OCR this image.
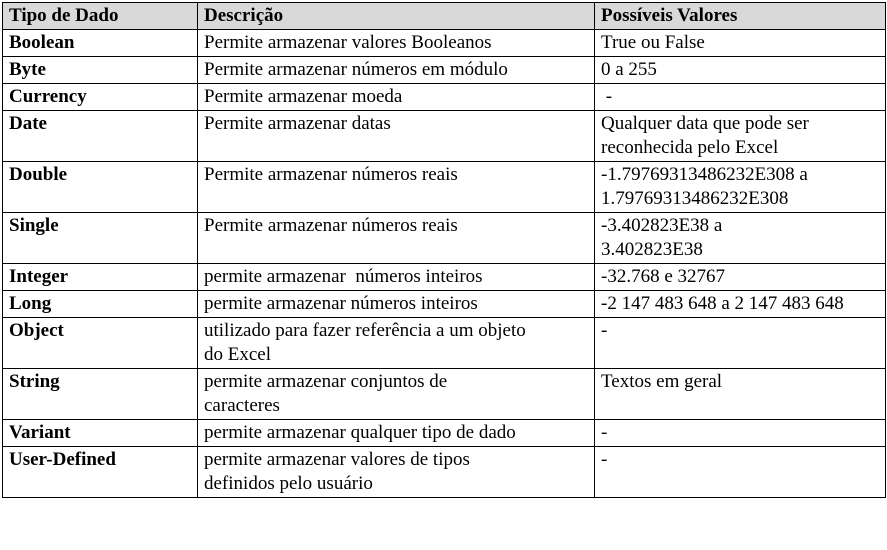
Tipo de Dado	Descrição	Possíveis Valores
Boolean	Permite armazenar valores Booleanos	True ou False
Byte	Permite armazenar números em módulo	0 a 255
Currency	Permite armazenar moeda	-
Date	Permite armazenar datas	Qualquer data que pode ser reconhecida pelo Excel
Double	Permite armazenar números reais	-1.79769313486232E308 a 1.79769313486232E308
Single	Permite armazenar números reais	-3.402823E38 a 3.402823E38
Integer	permite armazenar  números inteiros	-32.768 e 32767
Long	permite armazenar números inteiros	-2 147 483 648 a 2 147 483 648
Object	utilizado para fazer referência a um objeto do Excel	-
String	permite armazenar conjuntos de caracteres	Textos em geral
Variant	permite armazenar qualquer tipo de dado	-
User-Defined	permite armazenar valores de tipos definidos pelo usuário	-
